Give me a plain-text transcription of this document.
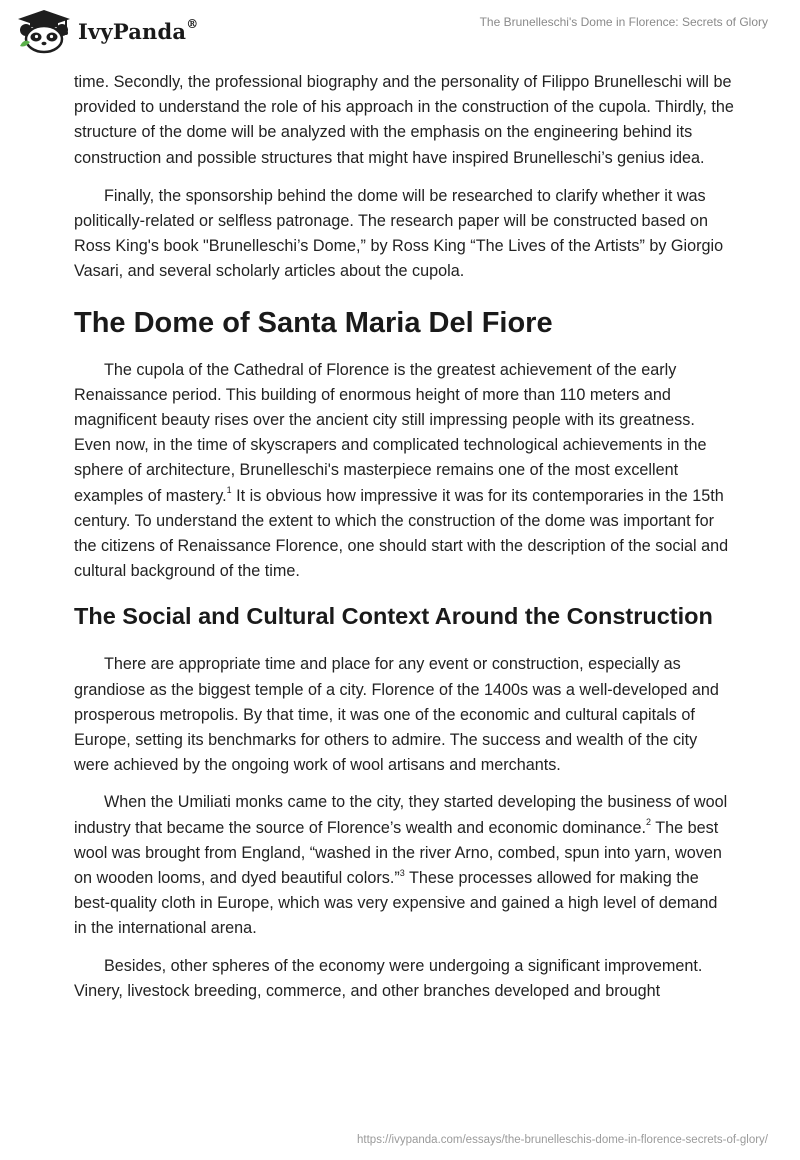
IvyPanda®	The Brunelleschi's Dome in Florence: Secrets of Glory

time. Secondly, the professional biography and the personality of Filippo Brunelleschi will be provided to understand the role of his approach in the construction of the cupola. Thirdly, the structure of the dome will be analyzed with the emphasis on the engineering behind its construction and possible structures that might have inspired Brunelleschi’s genius idea.

Finally, the sponsorship behind the dome will be researched to clarify whether it was politically-related or selfless patronage. The research paper will be constructed based on Ross King's book "Brunelleschi’s Dome,” by Ross King “The Lives of the Artists” by Giorgio Vasari, and several scholarly articles about the cupola.

The Dome of Santa Maria Del Fiore

The cupola of the Cathedral of Florence is the greatest achievement of the early Renaissance period. This building of enormous height of more than 110 meters and magnificent beauty rises over the ancient city still impressing people with its greatness. Even now, in the time of skyscrapers and complicated technological achievements in the sphere of architecture, Brunelleschi's masterpiece remains one of the most excellent examples of mastery.$^1$ It is obvious how impressive it was for its contemporaries in the 15th century. To understand the extent to which the construction of the dome was important for the citizens of Renaissance Florence, one should start with the description of the social and cultural background of the time.

The Social and Cultural Context Around the Construction

There are appropriate time and place for any event or construction, especially as grandiose as the biggest temple of a city. Florence of the 1400s was a well-developed and prosperous metropolis. By that time, it was one of the economic and cultural capitals of Europe, setting its benchmarks for others to admire. The success and wealth of the city were achieved by the ongoing work of wool artisans and merchants.

When the Umiliati monks came to the city, they started developing the business of wool industry that became the source of Florence’s wealth and economic dominance.$^2$ The best wool was brought from England, “washed in the river Arno, combed, spun into yarn, woven on wooden looms, and dyed beautiful colors.”$^3$ These processes allowed for making the best-quality cloth in Europe, which was very expensive and gained a high level of demand in the international arena.

Besides, other spheres of the economy were undergoing a significant improvement. Vinery, livestock breeding, commerce, and other branches developed and brought

https://ivypanda.com/essays/the-brunelleschis-dome-in-florence-secrets-of-glory/
